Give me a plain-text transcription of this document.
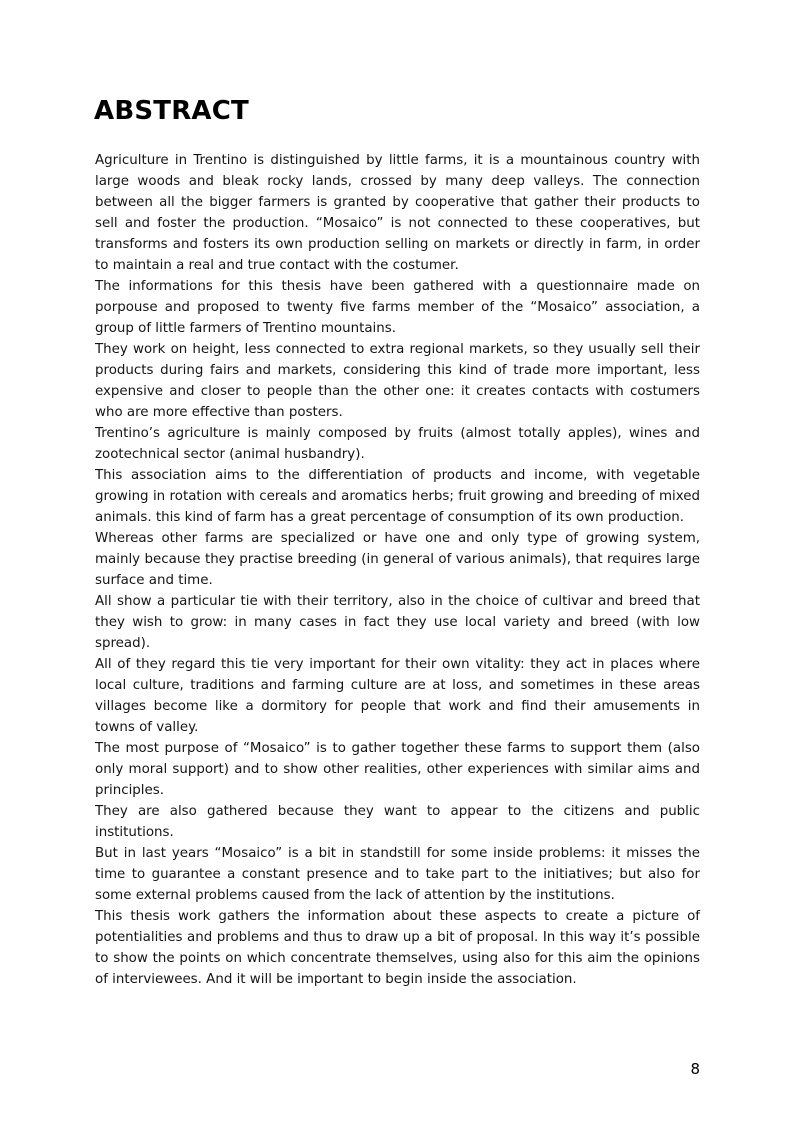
ABSTRACT

Agriculture in Trentino is distinguished by little farms, it is a mountainous country with large woods and bleak rocky lands, crossed by many deep valleys. The connection between all the bigger farmers is granted by cooperative that gather their products to sell and foster the production. “Mosaico” is not connected to these cooperatives, but transforms and fosters its own production selling on markets or directly in farm, in order to maintain a real and true contact with the costumer.

The informations for this thesis have been gathered with a questionnaire made on porpouse and proposed to twenty five farms member of the “Mosaico” association, a group of little farmers of Trentino mountains.

They work on height, less connected to extra regional markets, so they usually sell their products during fairs and markets, considering this kind of trade more important, less expensive and closer to people than the other one: it creates contacts with costumers who are more effective than posters.

Trentino’s agriculture is mainly composed by fruits (almost totally apples), wines and zootechnical sector (animal husbandry).

This association aims to the differentiation of products and income, with vegetable growing in rotation with cereals and aromatics herbs; fruit growing and breeding of mixed animals. this kind of farm has a great percentage of consumption of its own production.

Whereas other farms are specialized or have one and only type of growing system, mainly because they practise breeding (in general of various animals), that requires large surface and time.

All show a particular tie with their territory, also in the choice of cultivar and breed that they wish to grow: in many cases in fact they use local variety and breed (with low spread).

All of they regard this tie very important for their own vitality: they act in places where local culture, traditions and farming culture are at loss, and sometimes in these areas villages become like a dormitory for people that work and find their amusements in towns of valley.

The most purpose of “Mosaico” is to gather together these farms to support them (also only moral support) and to show other realities, other experiences with similar aims and principles.

They are also gathered because they want to appear to the citizens and public institutions.

But in last years “Mosaico” is a bit in standstill for some inside problems: it misses the time to guarantee a constant presence and to take part to the initiatives; but also for some external problems caused from the lack of attention by the institutions.

This thesis work gathers the information about these aspects to create a picture of potentialities and problems and thus to draw up a bit of proposal. In this way it’s possible to show the points on which concentrate themselves, using also for this aim the opinions of interviewees. And it will be important to begin inside the association.

8
